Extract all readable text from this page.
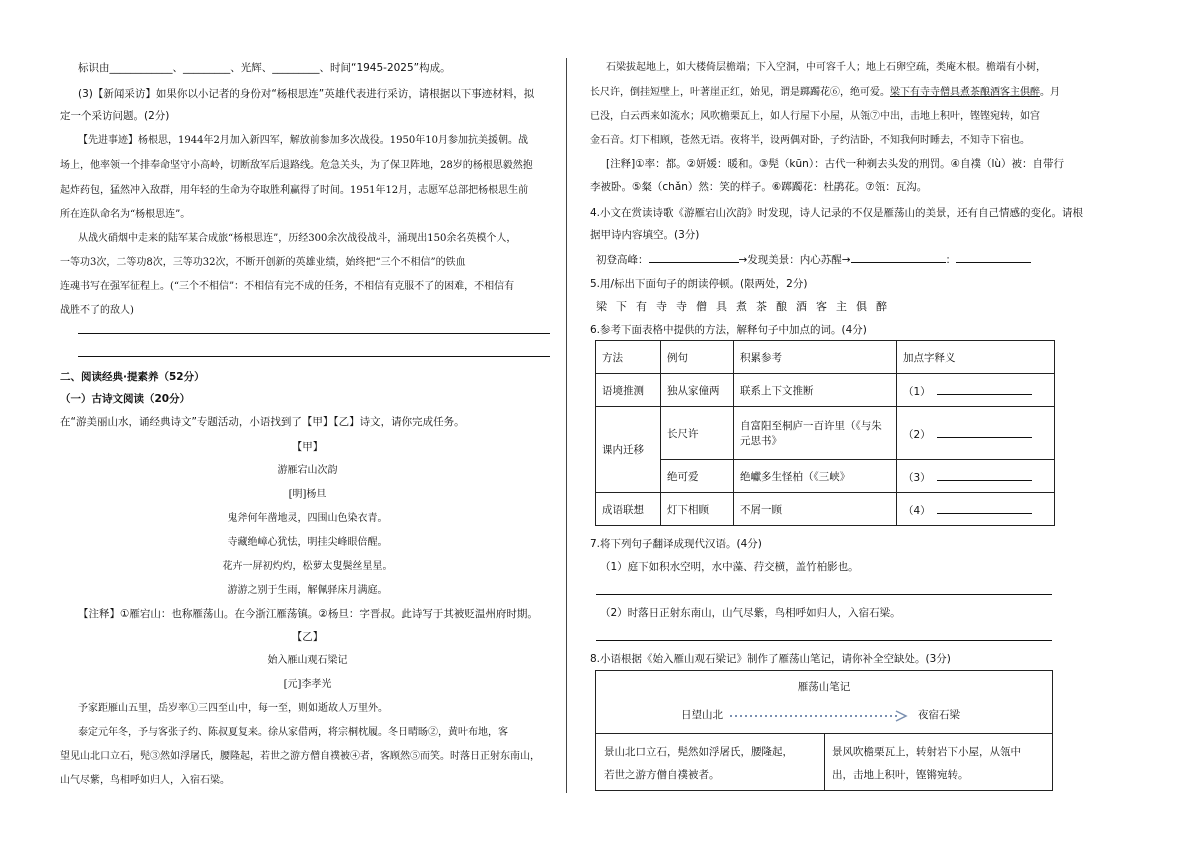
标识由____________、_________、光辉、_________、时间“1945-2025”构成。
(3)【新闻采访】如果你以小记者的身份对“杨根思连”英雄代表进行采访，请根据以下事迹材料，拟
定一个采访问题。(2分)
【先进事迹】杨根思，1944年2月加入新四军，解放前参加多次战役。1950年10月参加抗美援朝。战
场上，他率领一个排奉命坚守小高岭，切断敌军后退路线。危急关头，为了保卫阵地，28岁的杨根思毅然抱
起炸药包，猛然冲入敌群，用年轻的生命为夺取胜利赢得了时间。1951年12月，志愿军总部把杨根思生前
所在连队命名为“杨根思连”。
从战火硝烟中走来的陆军某合成旅“杨根思连”，历经300余次战役战斗，涌现出150余名英模个人，
一等功3次，二等功8次，三等功32次，不断开创新的英雄业绩，始终把“三个不相信”的铁血
连魂书写在强军征程上。(“三个不相信”：不相信有完不成的任务，不相信有克服不了的困难，不相信有
战胜不了的敌人)
二、阅读经典·提素养（52分）
（一）古诗文阅读（20分）
在“游美丽山水，诵经典诗文”专题活动，小语找到了【甲】【乙】诗文，请你完成任务。
【甲】
游雁宕山次韵
[明]杨旦
鬼斧何年凿地灵，四围山色染衣青。
寺藏绝嶂心犹怯，明挂尖峰眼倍醒。
花卉一屏初灼灼，松萝太叟鬓丝星星。
游游之别于生雨，解佩驿床月满庭。
【注释】①雁宕山：也称雁荡山。在今浙江雁荡镇。②杨旦：字晋叔。此诗写于其被贬温州府时期。
【乙】
始入雁山观石梁记
[元]李孝光
予家距雁山五里，岳岁率①三四至山中，每一至，则如逝故人万里外。
泰定元年冬，予与客张子约、陈叔夏复来。徐从家借两，将宗桐枕履。冬日晴旸②，黄叶布地，客
望见山北口立石，髡③然如浮屠氏，腰隆起，若世之游方僧自襆被④者，客顾然⑤而笑。时落日正射东南山，
山气尽紫，鸟相呼如归人，入宿石梁。
石梁拔起地上，如大楼倚层檐端；下入空洞，中可容千人；地上石卵空疏，类庵木根。檐端有小树，
长尺许，倒挂短壁上，叶著崖正红，始见，谓是踯躅花⑥，绝可爱。梁下有寺寺僧具煮茶酿酒客主俱醉。月
已没，白云西来如流水；风吹檐栗瓦上，如人行屋下小屋，从瓴⑦中出，击地上积叶，铿铿宛转，如宫
金石音。灯下相顾，苍然无语。夜将半，设两偶对卧，子约洁卧，不知我何时睡去，不知寺下宿也。
[注释]①率：都。②妍媛：暖和。③髡（kūn）：古代一种剃去头发的刑罚。④自襆（lù）被：自带行
李被卧。⑤粲（chǎn）然：笑的样子。⑥踯躅花：杜鹃花。⑦瓴：瓦沟。
4.小文在赏读诗歌《游雁宕山次韵》时发现，诗人记录的不仅是雁荡山的美景，还有自己情感的变化。请根
据甲诗内容填空。(3分)
初登高峰：	→发现美景：内心苏醒→	：
5.用/标出下面句子的朗读停顿。(限两处，2分)
梁下有寺寺僧具煮茶酿酒客主俱醉
6.参考下面表格中提供的方法，解释句子中加点的词。(4分)
方法	例句	积累参考	加点字释义
语境推测	独从家僮两	联系上下文推断	（1）
课内迁移	长尺许	自富阳至桐庐一百许里（《与朱元思书》	（2）
	绝可爱	绝巘多生怪柏（《三峡》	（3）
成语联想	灯下相顾	不屑一顾	（4）
7.将下列句子翻译成现代汉语。(4分)
（1）庭下如积水空明，水中藻、荇交横，盖竹柏影也。
（2）时落日正射东南山，山气尽紫，鸟相呼如归人，入宿石梁。
8.小语根据《始入雁山观石梁记》制作了雁荡山笔记，请你补全空缺处。(3分)
雁荡山笔记
日望山北	夜宿石梁
景山北口立石，髡然如浮屠氏，腰隆起，
若世之游方僧自襆被者。
景风吹檐栗瓦上，转射岩下小屋，从瓴中
出，击地上积叶，铿锵宛转。
